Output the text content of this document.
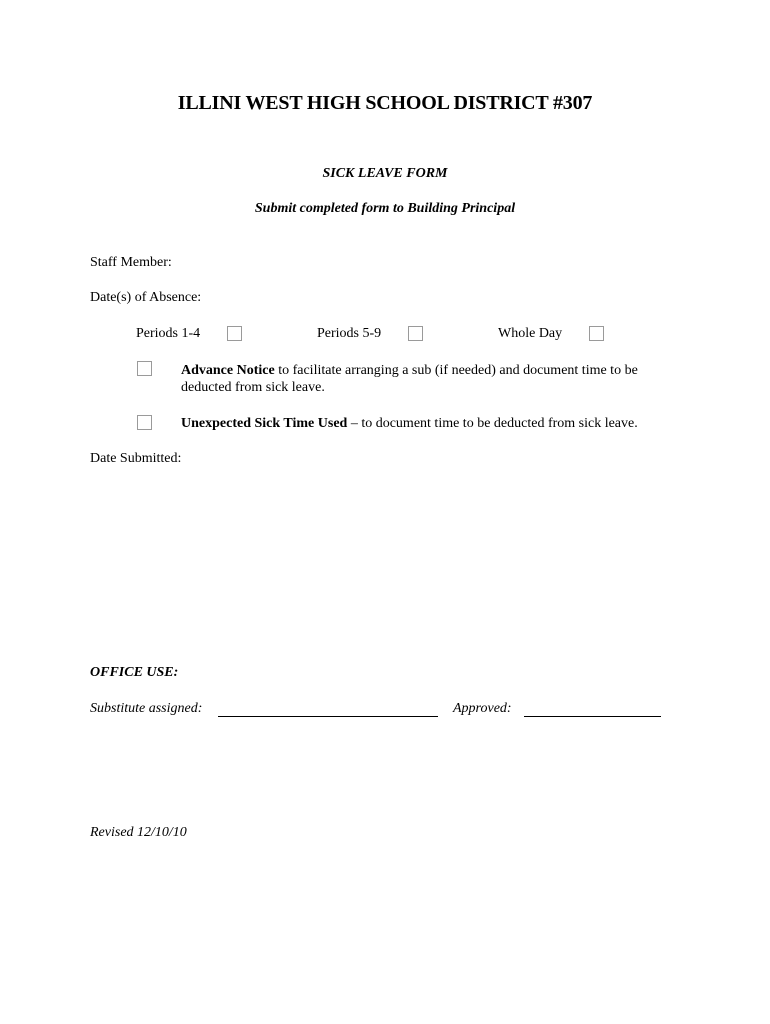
ILLINI WEST HIGH SCHOOL DISTRICT #307
SICK LEAVE FORM
Submit completed form to Building Principal
Staff Member:
Date(s) of Absence:
Periods 1-4	Periods 5-9	Whole Day
Advance Notice to facilitate arranging a sub (if needed) and document time to be deducted from sick leave.
Unexpected Sick Time Used – to document time to be deducted from sick leave.
Date Submitted:
OFFICE USE:
Substitute assigned:	Approved:
Revised 12/10/10
